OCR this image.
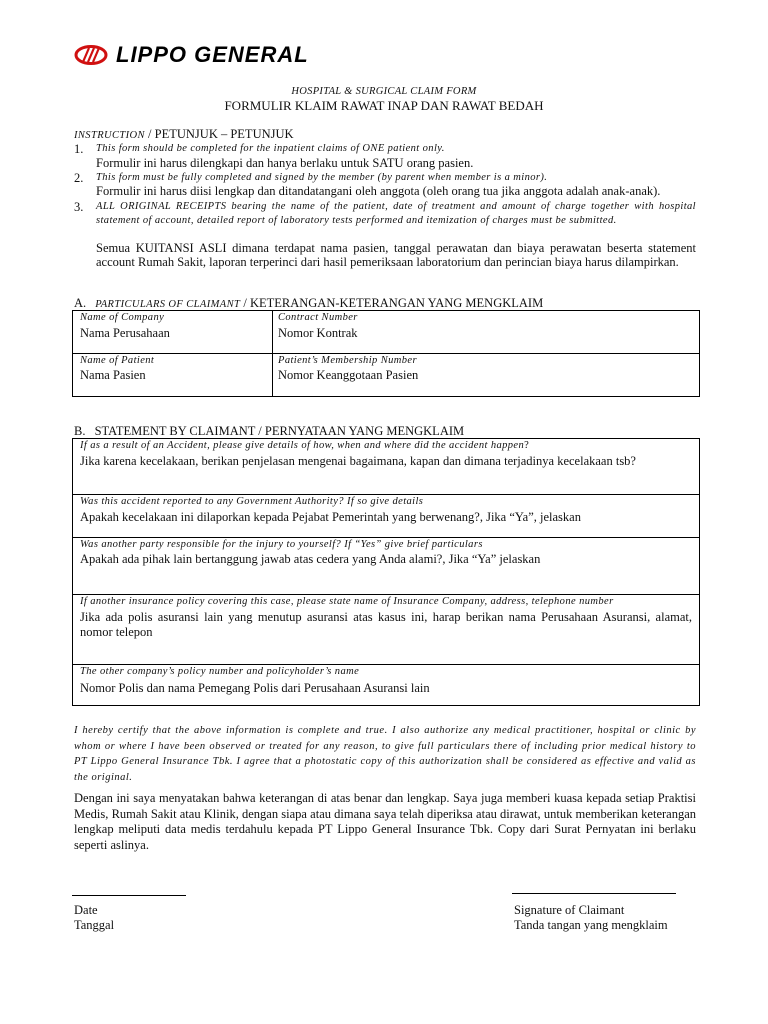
LIPPO GENERAL
HOSPITAL & SURGICAL CLAIM FORM
FORMULIR KLAIM RAWAT INAP DAN RAWAT BEDAH
INSTRUCTION / PETUNJUK – PETUNJUK
1. This form should be completed for the inpatient claims of ONE patient only.
Formulir ini harus dilengkapi dan hanya berlaku untuk SATU orang pasien.
2. This form must be fully completed and signed by the member (by parent when member is a minor).
Formulir ini harus diisi lengkap dan ditandatangani oleh anggota (oleh orang tua jika anggota adalah anak-anak).
3. ALL ORIGINAL RECEIPTS bearing the name of the patient, date of treatment and amount of charge together with hospital statement of account, detailed report of laboratory tests performed and itemization of charges must be submitted.
Semua KUITANSI ASLI dimana terdapat nama pasien, tanggal perawatan dan biaya perawatan beserta statement account Rumah Sakit, laporan terperinci dari hasil pemeriksaan laboratorium dan perincian biaya harus dilampirkan.
A. PARTICULARS OF CLAIMANT / KETERANGAN-KETERANGAN YANG MENGKLAIM
Name of Company
Nama Perusahaan
Contract Number
Nomor Kontrak
Name of Patient
Nama Pasien
Patient’s Membership Number
Nomor Keanggotaan Pasien
B. STATEMENT BY CLAIMANT / PERNYATAAN YANG MENGKLAIM
If as a result of an Accident, please give details of how, when and where did the accident happen?
Jika karena kecelakaan, berikan penjelasan mengenai bagaimana, kapan dan dimana terjadinya kecelakaan tsb?
Was this accident reported to any Government Authority? If so give details
Apakah kecelakaan ini dilaporkan kepada Pejabat Pemerintah yang berwenang?, Jika “Ya”, jelaskan
Was another party responsible for the injury to yourself? If “Yes” give brief particulars
Apakah ada pihak lain bertanggung jawab atas cedera yang Anda alami?, Jika “Ya” jelaskan
If another insurance policy covering this case, please state name of Insurance Company, address, telephone number
Jika ada polis asuransi lain yang menutup asuransi atas kasus ini, harap berikan nama Perusahaan Asuransi, alamat, nomor telepon
The other company’s policy number and policyholder’s name
Nomor Polis dan nama Pemegang Polis dari Perusahaan Asuransi lain
I hereby certify that the above information is complete and true. I also authorize any medical practitioner, hospital or clinic by whom or where I have been observed or treated for any reason, to give full particulars there of including prior medical history to PT Lippo General Insurance Tbk. I agree that a photostatic copy of this authorization shall be considered as effective and valid as the original.
Dengan ini saya menyatakan bahwa keterangan di atas benar dan lengkap. Saya juga memberi kuasa kepada setiap Praktisi Medis, Rumah Sakit atau Klinik, dengan siapa atau dimana saya telah diperiksa atau dirawat, untuk memberikan keterangan lengkap meliputi data medis terdahulu kepada PT Lippo General Insurance Tbk. Copy dari Surat Pernyatan ini berlaku seperti aslinya.
Date
Tanggal
Signature of Claimant
Tanda tangan yang mengklaim
